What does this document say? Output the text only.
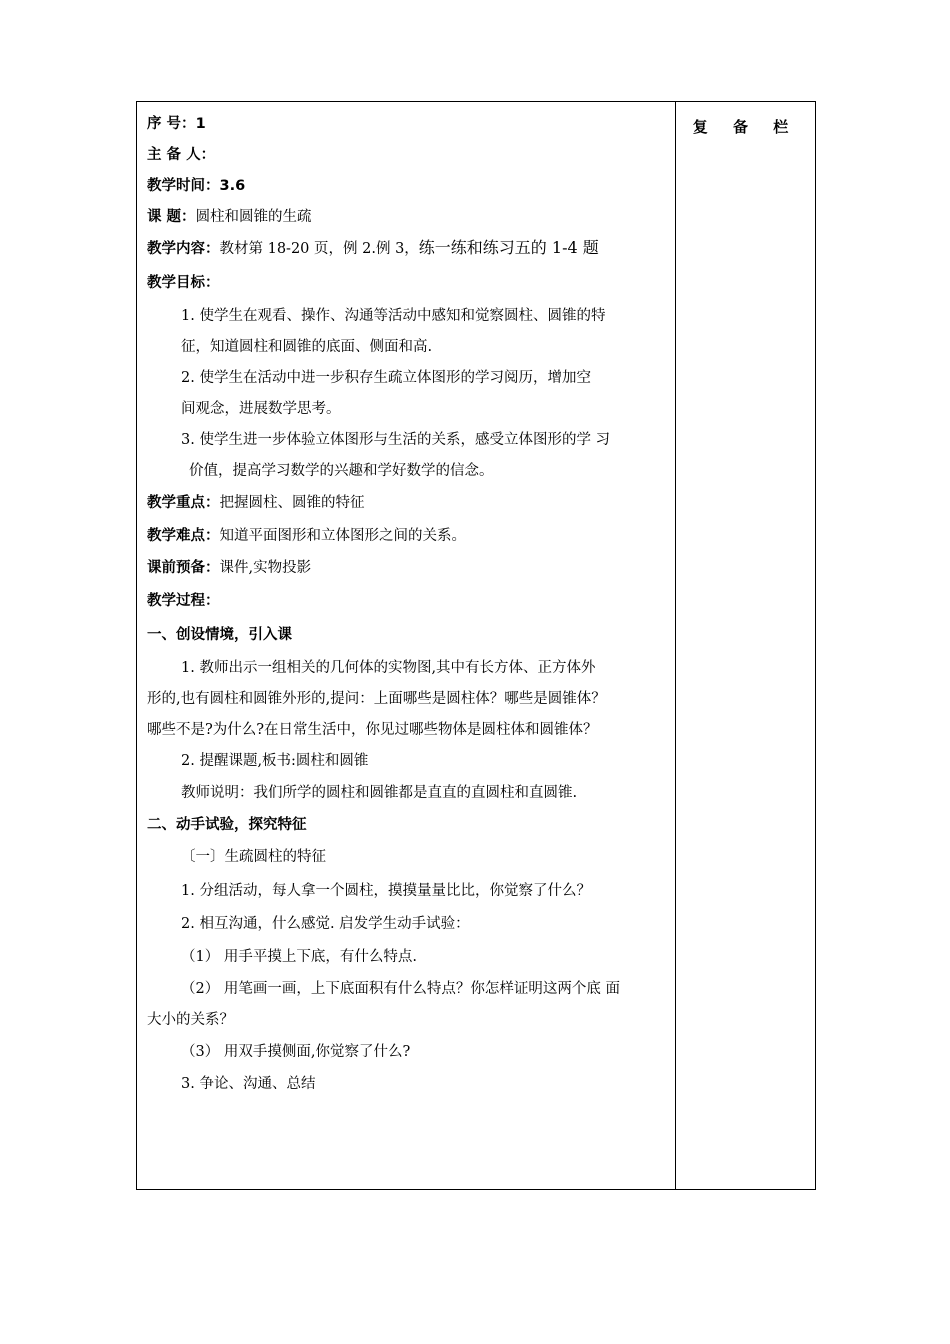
序 号：1
主 备 人：
教学时间：3.6
课 题：圆柱和圆锥的生疏
教学内容：教材第 18-20 页，例 2.例 3，练一练和练习五的 1-4 题
教学目标：
1. 使学生在观看、操作、沟通等活动中感知和觉察圆柱、圆锥的特
征，知道圆柱和圆锥的底面、侧面和高.
2. 使学生在活动中进一步积存生疏立体图形的学习阅历，增加空
间观念，进展数学思考。
3. 使学生进一步体验立体图形与生活的关系，感受立体图形的学 习
价值，提高学习数学的兴趣和学好数学的信念。
教学重点：把握圆柱、圆锥的特征
教学难点：知道平面图形和立体图形之间的关系。
课前预备：课件,实物投影
教学过程：
一、创设情境，引入课
1. 教师出示一组相关的几何体的实物图,其中有长方体、正方体外
形的,也有圆柱和圆锥外形的,提问：上面哪些是圆柱体？哪些是圆锥体？
哪些不是?为什么?在日常生活中，你见过哪些物体是圆柱体和圆锥体？
2. 提醒课题,板书:圆柱和圆锥
教师说明：我们所学的圆柱和圆锥都是直直的直圆柱和直圆锥.
二、动手试验，探究特征
〔一〕生疏圆柱的特征
1. 分组活动，每人拿一个圆柱，摸摸量量比比，你觉察了什么？
2. 相互沟通，什么感觉. 启发学生动手试验：
（1） 用手平摸上下底，有什么特点.
（2） 用笔画一画，上下底面积有什么特点？你怎样证明这两个底 面
大小的关系？
（3） 用双手摸侧面,你觉察了什么?
3. 争论、沟通、总结
复 备 栏
